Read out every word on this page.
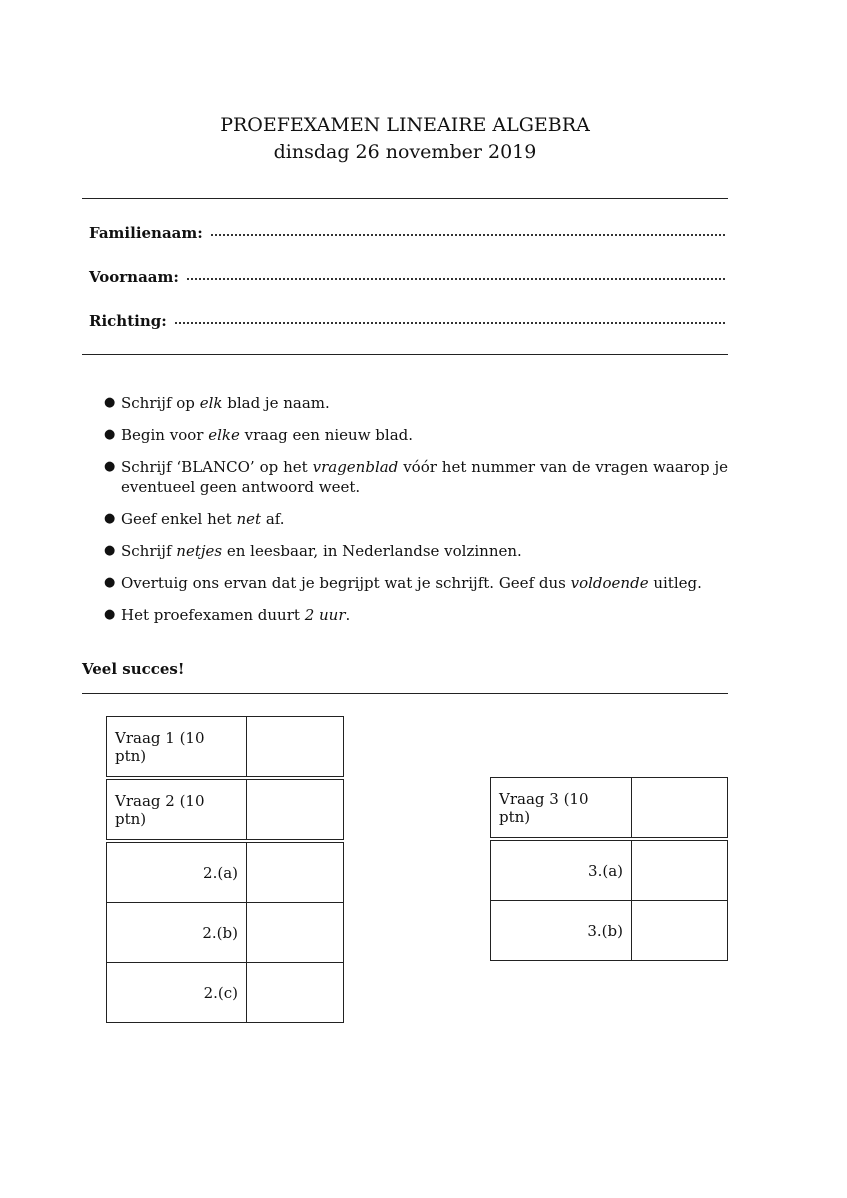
PROEFEXAMEN LINEAIRE ALGEBRA
dinsdag 26 november 2019
Familienaam:
Voornaam:
Richting:
● Schrijf op elk blad je naam.
● Begin voor elke vraag een nieuw blad.
● Schrijf ‘BLANCO’ op het vragenblad vóór het nummer van de vragen waarop je eventueel geen antwoord weet.
● Geef enkel het net af.
● Schrijf netjes en leesbaar, in Nederlandse volzinnen.
● Overtuig ons ervan dat je begrijpt wat je schrijft. Geef dus voldoende uitleg.
● Het proefexamen duurt 2 uur.
Veel succes!
Vraag 1 (10 ptn)
Vraag 2 (10 ptn)
2.(a)
2.(b)
2.(c)
Vraag 3 (10 ptn)
3.(a)
3.(b)
